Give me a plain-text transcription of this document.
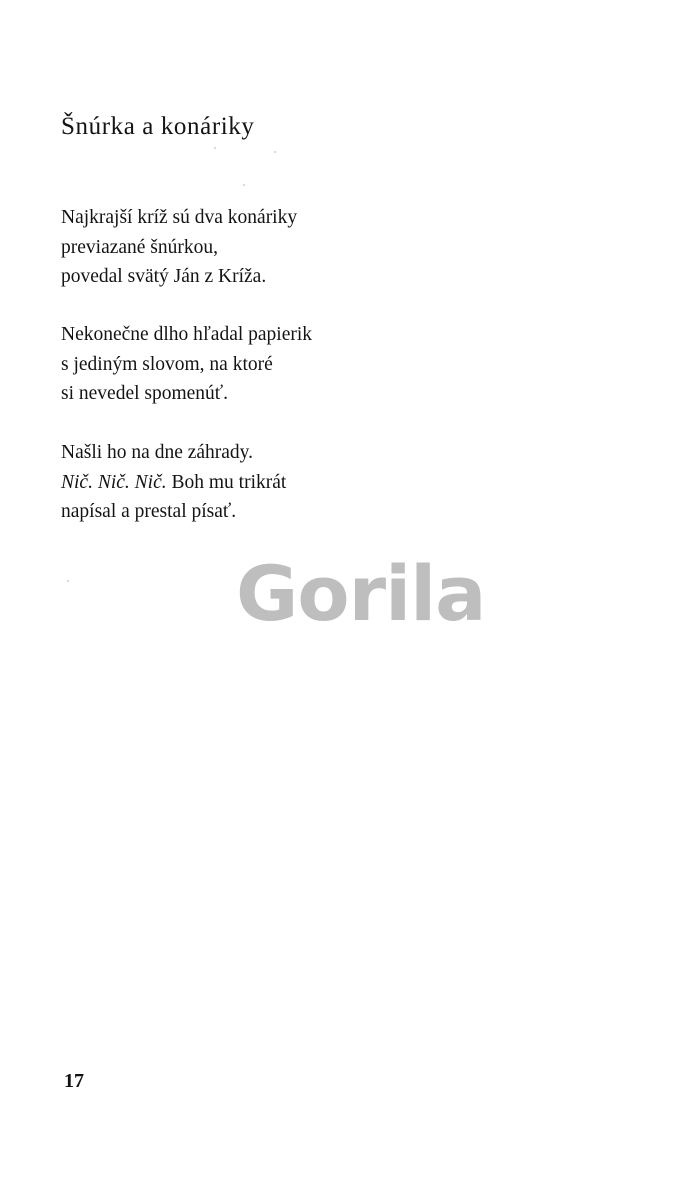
Šnúrka a konáriky
Najkrajší kríž sú dva konáriky
previazané šnúrkou,
povedal svätý Ján z Kríža.
Nekonečne dlho hľadal papierik
s jediným slovom, na ktoré
si nevedel spomenúť.
Našli ho na dne záhrady.
Nič. Nič. Nič. Boh mu trikrát
napísal a prestal písať.
Gorila
17
